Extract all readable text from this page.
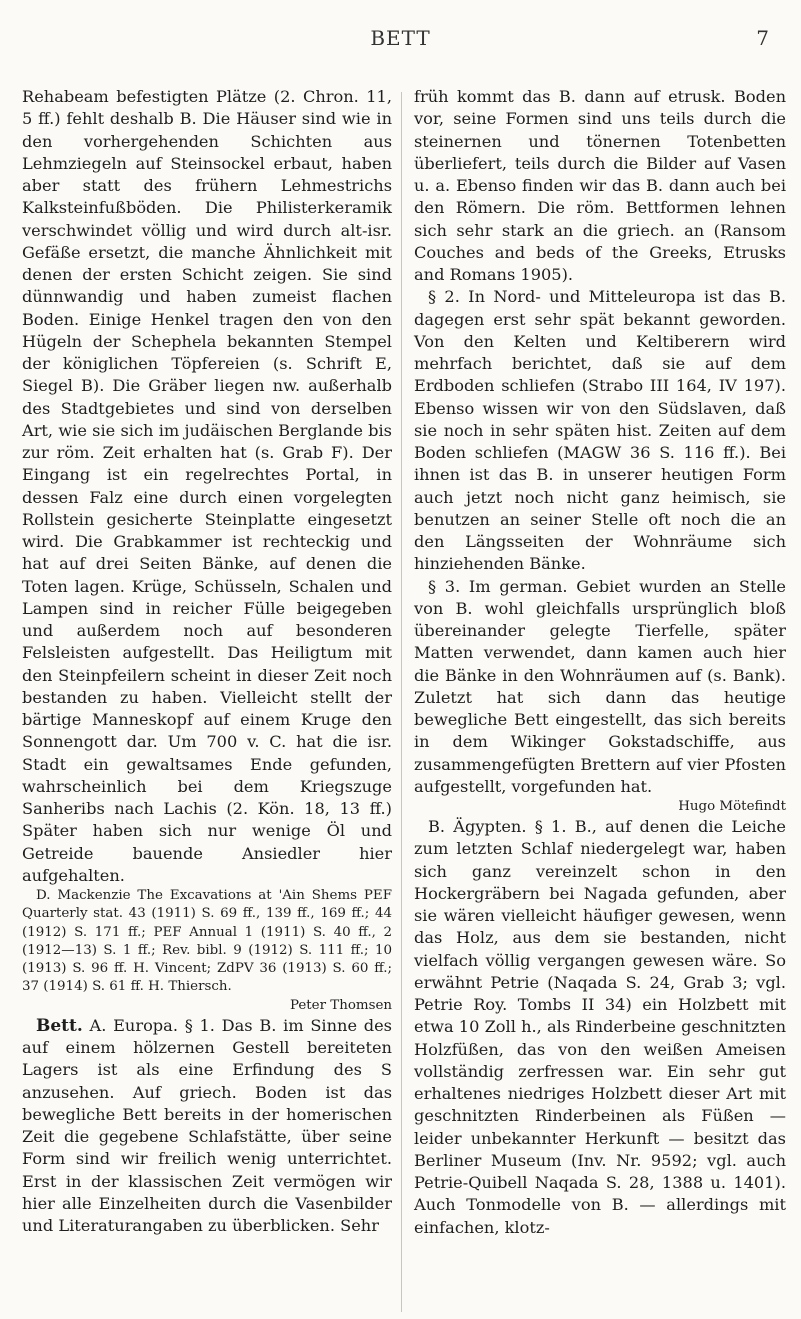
BETT	7

Rehabeam befestigten Plätze (2. Chron. 11, 5 ff.) fehlt deshalb B. Die Häuser sind wie in den vorhergehenden Schichten aus Lehmziegeln auf Steinsockel erbaut, haben aber statt des frühern Lehmestrichs Kalksteinfußböden. Die Philisterkeramik verschwindet völlig und wird durch alt-isr. Gefäße ersetzt, die manche Ähnlichkeit mit denen der ersten Schicht zeigen. Sie sind dünnwandig und haben zumeist flachen Boden. Einige Henkel tragen den von den Hügeln der Schephela bekannten Stempel der königlichen Töpfereien (s. Schrift E, Siegel B). Die Gräber liegen nw. außerhalb des Stadtgebietes und sind von derselben Art, wie sie sich im judäischen Berglande bis zur röm. Zeit erhalten hat (s. Grab F). Der Eingang ist ein regelrechtes Portal, in dessen Falz eine durch einen vorgelegten Rollstein gesicherte Steinplatte eingesetzt wird. Die Grabkammer ist rechteckig und hat auf drei Seiten Bänke, auf denen die Toten lagen. Krüge, Schüsseln, Schalen und Lampen sind in reicher Fülle beigegeben und außerdem noch auf besonderen Felsleisten aufgestellt. Das Heiligtum mit den Steinpfeilern scheint in dieser Zeit noch bestanden zu haben. Vielleicht stellt der bärtige Manneskopf auf einem Kruge den Sonnengott dar. Um 700 v. C. hat die isr. Stadt ein gewaltsames Ende gefunden, wahrscheinlich bei dem Kriegszuge Sanheribs nach Lachis (2. Kön. 18, 13 ff.) Später haben sich nur wenige Öl und Getreide bauende Ansiedler hier aufgehalten.

D. Mackenzie The Excavations at 'Ain Shems PEF Quarterly stat. 43 (1911) S. 69 ff., 139 ff., 169 ff.; 44 (1912) S. 171 ff.; PEF Annual 1 (1911) S. 40 ff., 2 (1912—13) S. 1 ff.; Rev. bibl. 9 (1912) S. 111 ff.; 10 (1913) S. 96 ff. H. Vincent; ZdPV 36 (1913) S. 60 ff.; 37 (1914) S. 61 ff. H. Thiersch.

Peter Thomsen

Bett. A. Europa. § 1. Das B. im Sinne des auf einem hölzernen Gestell bereiteten Lagers ist als eine Erfindung des S anzusehen. Auf griech. Boden ist das bewegliche Bett bereits in der homerischen Zeit die gegebene Schlafstätte, über seine Form sind wir freilich wenig unterrichtet. Erst in der klassischen Zeit vermögen wir hier alle Einzelheiten durch die Vasenbilder und Literaturangaben zu überblicken. Sehr

früh kommt das B. dann auf etrusk. Boden vor, seine Formen sind uns teils durch die steinernen und tönernen Totenbetten überliefert, teils durch die Bilder auf Vasen u. a. Ebenso finden wir das B. dann auch bei den Römern. Die röm. Bettformen lehnen sich sehr stark an die griech. an (Ransom Couches and beds of the Greeks, Etrusks and Romans 1905).

§ 2. In Nord- und Mitteleuropa ist das B. dagegen erst sehr spät bekannt geworden. Von den Kelten und Keltiberern wird mehrfach berichtet, daß sie auf dem Erdboden schliefen (Strabo III 164, IV 197). Ebenso wissen wir von den Südslaven, daß sie noch in sehr späten hist. Zeiten auf dem Boden schliefen (MAGW 36 S. 116 ff.). Bei ihnen ist das B. in unserer heutigen Form auch jetzt noch nicht ganz heimisch, sie benutzen an seiner Stelle oft noch die an den Längsseiten der Wohnräume sich hinziehenden Bänke.

§ 3. Im german. Gebiet wurden an Stelle von B. wohl gleichfalls ursprünglich bloß übereinander gelegte Tierfelle, später Matten verwendet, dann kamen auch hier die Bänke in den Wohnräumen auf (s. Bank). Zuletzt hat sich dann das heutige bewegliche Bett eingestellt, das sich bereits in dem Wikinger Gokstadschiffe, aus zusammengefügten Brettern auf vier Pfosten aufgestellt, vorgefunden hat.

Hugo Mötefindt

B. Ägypten. § 1. B., auf denen die Leiche zum letzten Schlaf niedergelegt war, haben sich ganz vereinzelt schon in den Hockergräbern bei Nagada gefunden, aber sie wären vielleicht häufiger gewesen, wenn das Holz, aus dem sie bestanden, nicht vielfach völlig vergangen gewesen wäre. So erwähnt Petrie (Naqada S. 24, Grab 3; vgl. Petrie Roy. Tombs II 34) ein Holzbett mit etwa 10 Zoll h., als Rinderbeine geschnitzten Holzfüßen, das von den weißen Ameisen vollständig zerfressen war. Ein sehr gut erhaltenes niedriges Holzbett dieser Art mit geschnitzten Rinderbeinen als Füßen — leider unbekannter Herkunft — besitzt das Berliner Museum (Inv. Nr. 9592; vgl. auch Petrie-Quibell Naqada S. 28, 1388 u. 1401). Auch Tonmodelle von B. — allerdings mit einfachen, klotz-
